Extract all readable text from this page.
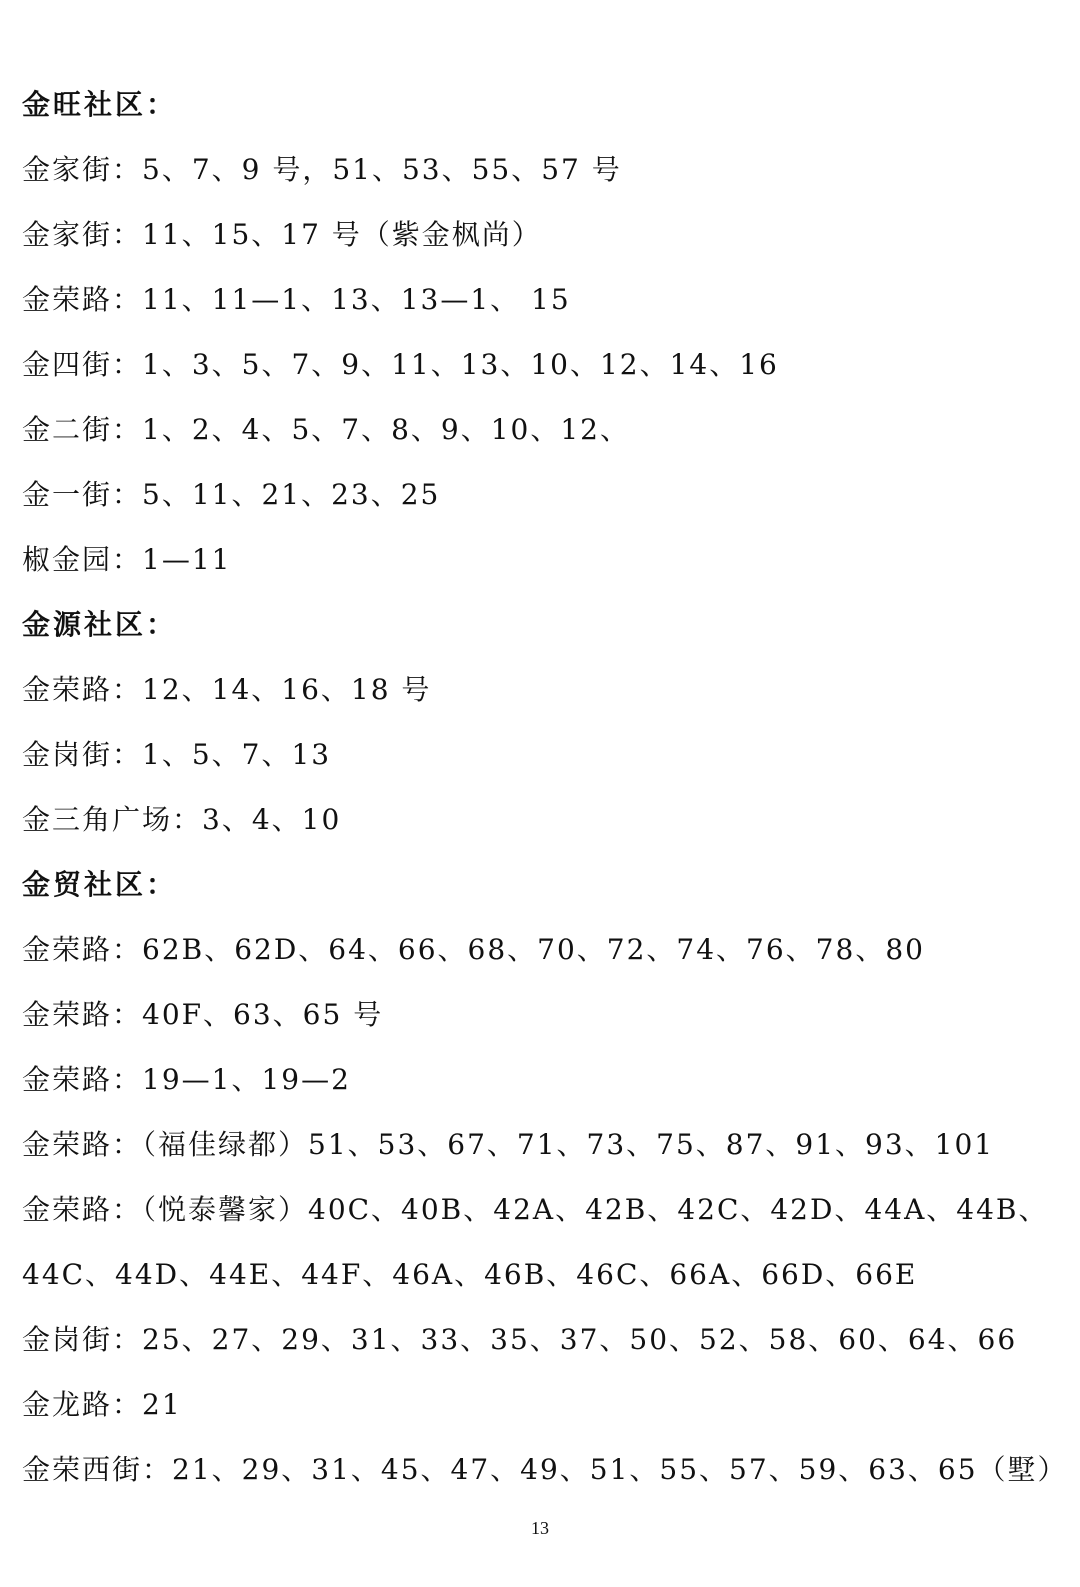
金旺社区：
金家街：5、7、9 号，51、53、55、57 号
金家街：11、15、17 号（紫金枫尚）
金荣路：11、11—1、13、13—1、 15
金四街：1、3、5、7、9、11、13、10、12、14、16
金二街：1、2、4、5、7、8、9、10、12、
金一街：5、11、21、23、25
椒金园：1—11
金源社区：
金荣路：12、14、16、18 号
金岗街：1、5、7、13
金三角广场：3、4、10
金贸社区：
金荣路：62B、62D、64、66、68、70、72、74、76、78、80
金荣路：40F、63、65 号
金荣路：19—1、19—2
金荣路：（福佳绿都）51、53、67、71、73、75、87、91、93、101
金荣路：（悦泰馨家）40C、40B、42A、42B、42C、42D、44A、44B、
44C、44D、44E、44F、46A、46B、46C、66A、66D、66E
金岗街：25、27、29、31、33、35、37、50、52、58、60、64、66
金龙路：21
金荣西街：21、29、31、45、47、49、51、55、57、59、63、65（墅）
13
